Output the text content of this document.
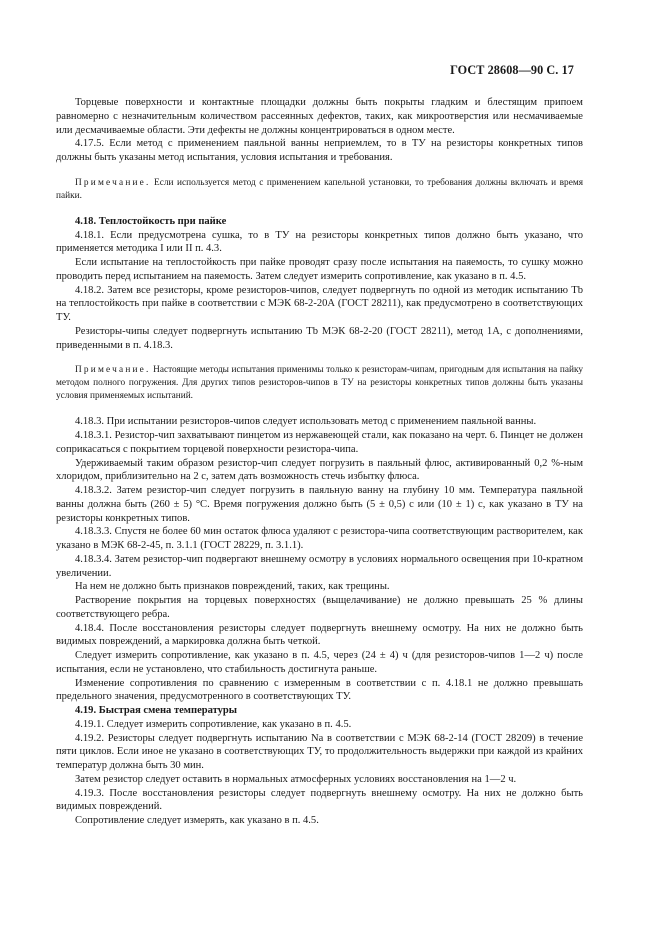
ГОСТ 28608—90 С. 17

Торцевые поверхности и контактные площадки должны быть покрыты гладким и блестящим припоем равномерно с незначительным количеством рассеянных дефектов, таких, как микроотверстия или несмачиваемые или десмачиваемые области. Эти дефекты не должны концентрироваться в одном месте.

4.17.5. Если метод с применением паяльной ванны неприемлем, то в ТУ на резисторы конкретных типов должны быть указаны метод испытания, условия испытания и требования.

Примечание. Если используется метод с применением капельной установки, то требования должны включать и время пайки.

4.18. Теплостойкость при пайке

4.18.1. Если предусмотрена сушка, то в ТУ на резисторы конкретных типов должно быть указано, что применяется методика I или II п. 4.3.

Если испытание на теплостойкость при пайке проводят сразу после испытания на паяемость, то сушку можно проводить перед испытанием на паяемость. Затем следует измерить сопротивление, как указано в п. 4.5.

4.18.2. Затем все резисторы, кроме резисторов-чипов, следует подвергнуть по одной из методик испытанию Tb на теплостойкость при пайке в соответствии с МЭК 68-2-20А (ГОСТ 28211), как предусмотрено в соответствующих ТУ.

Резисторы-чипы следует подвергнуть испытанию Tb МЭК 68-2-20 (ГОСТ 28211), метод 1А, с дополнениями, приведенными в п. 4.18.3.

Примечание. Настоящие методы испытания применимы только к резисторам-чипам, пригодным для испытания на пайку методом полного погружения. Для других типов резисторов-чипов в ТУ на резисторы конкретных типов должны быть указаны условия применяемых испытаний.

4.18.3. При испытании резисторов-чипов следует использовать метод с применением паяльной ванны.

4.18.3.1. Резистор-чип захватывают пинцетом из нержавеющей стали, как показано на черт. 6. Пинцет не должен соприкасаться с покрытием торцевой поверхности резистора-чипа.

Удерживаемый таким образом резистор-чип следует погрузить в паяльный флюс, активированный 0,2 %-ным хлоридом, приблизительно на 2 с, затем дать возможность стечь избытку флюса.

4.18.3.2. Затем резистор-чип следует погрузить в паяльную ванну на глубину 10 мм. Температура паяльной ванны должна быть (260 ± 5) °С. Время погружения должно быть (5 ± 0,5) с или (10 ± 1) с, как указано в ТУ на резисторы конкретных типов.

4.18.3.3. Спустя не более 60 мин остаток флюса удаляют с резистора-чипа соответствующим растворителем, как указано в МЭК 68-2-45, п. 3.1.1 (ГОСТ 28229, п. 3.1.1).

4.18.3.4. Затем резистор-чип подвергают внешнему осмотру в условиях нормального освещения при 10-кратном увеличении.

На нем не должно быть признаков повреждений, таких, как трещины.

Растворение покрытия на торцевых поверхностях (выщелачивание) не должно превышать 25 % длины соответствующего ребра.

4.18.4. После восстановления резисторы следует подвергнуть внешнему осмотру. На них не должно быть видимых повреждений, а маркировка должна быть четкой.

Следует измерить сопротивление, как указано в п. 4.5, через (24 ± 4) ч (для резисторов-чипов 1—2 ч) после испытания, если не установлено, что стабильность достигнута раньше.

Изменение сопротивления по сравнению с измеренным в соответствии с п. 4.18.1 не должно превышать предельного значения, предусмотренного в соответствующих ТУ.

4.19. Быстрая смена температуры

4.19.1. Следует измерить сопротивление, как указано в п. 4.5.

4.19.2. Резисторы следует подвергнуть испытанию Na в соответствии с МЭК 68-2-14 (ГОСТ 28209) в течение пяти циклов. Если иное не указано в соответствующих ТУ, то продолжительность выдержки при каждой из крайних температур должна быть 30 мин.

Затем резистор следует оставить в нормальных атмосферных условиях восстановления на 1—2 ч.

4.19.3. После восстановления резисторы следует подвергнуть внешнему осмотру. На них не должно быть видимых повреждений.

Сопротивление следует измерять, как указано в п. 4.5.
